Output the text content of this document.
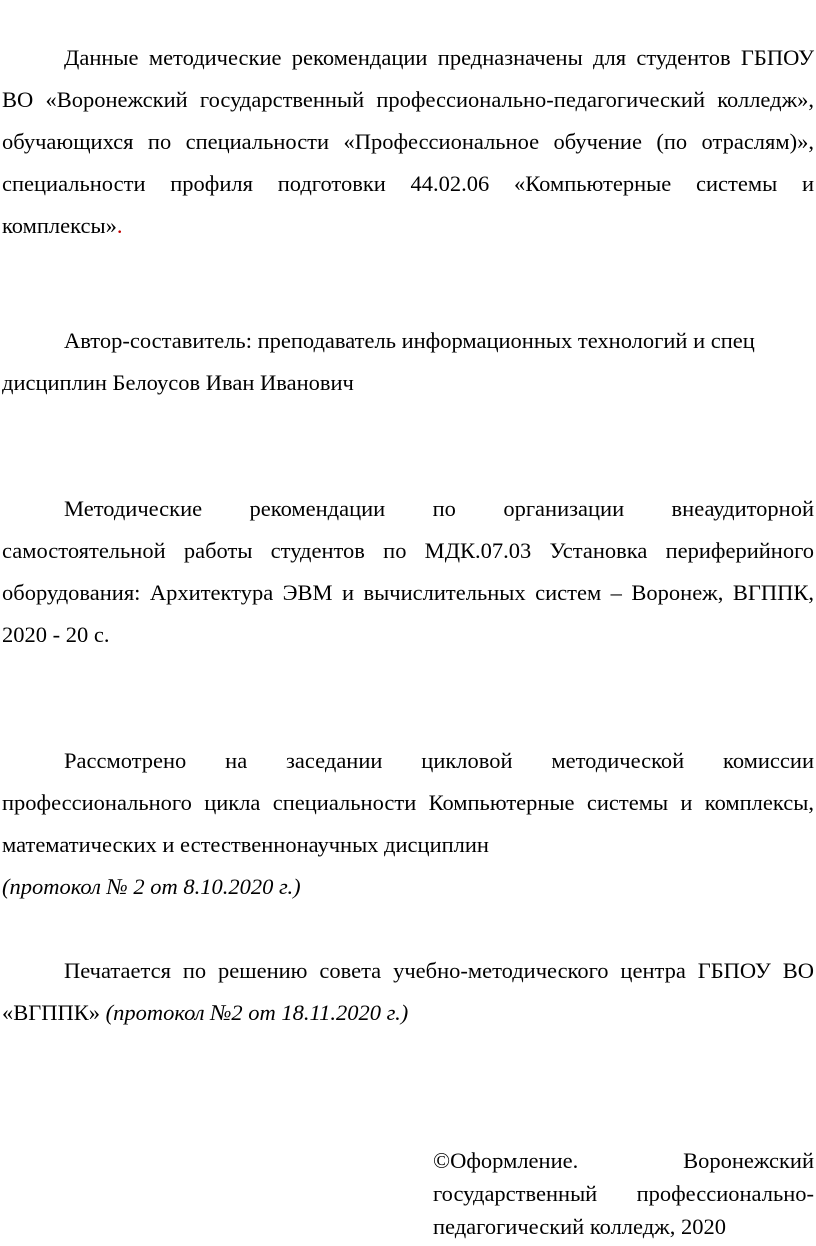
Данные методические рекомендации предназначены для студентов ГБПОУ ВО «Воронежский государственный профессионально-педагогический колледж», обучающихся по специальности «Профессиональное обучение (по отраслям)», специальности профиля подготовки 44.02.06 «Компьютерные системы и комплексы».
Автор-составитель: преподаватель информационных технологий и спец
дисциплин Белоусов Иван Иванович
Методические рекомендации по организации внеаудиторной самостоятельной работы студентов по МДК.07.03 Установка периферийного оборудования: Архитектура ЭВМ и вычислительных систем – Воронеж, ВГППК, 2020 - 20 с.
Рассмотрено на заседании цикловой методической комиссии профессионального цикла специальности Компьютерные системы и комплексы, математических и естественнонаучных дисциплин
(протокол № 2 от 8.10.2020 г.)
Печатается по решению совета учебно-методического центра ГБПОУ ВО «ВГППК» (протокол №2 от 18.11.2020 г.)
©Оформление. Воронежский государственный профессионально-педагогический колледж, 2020
